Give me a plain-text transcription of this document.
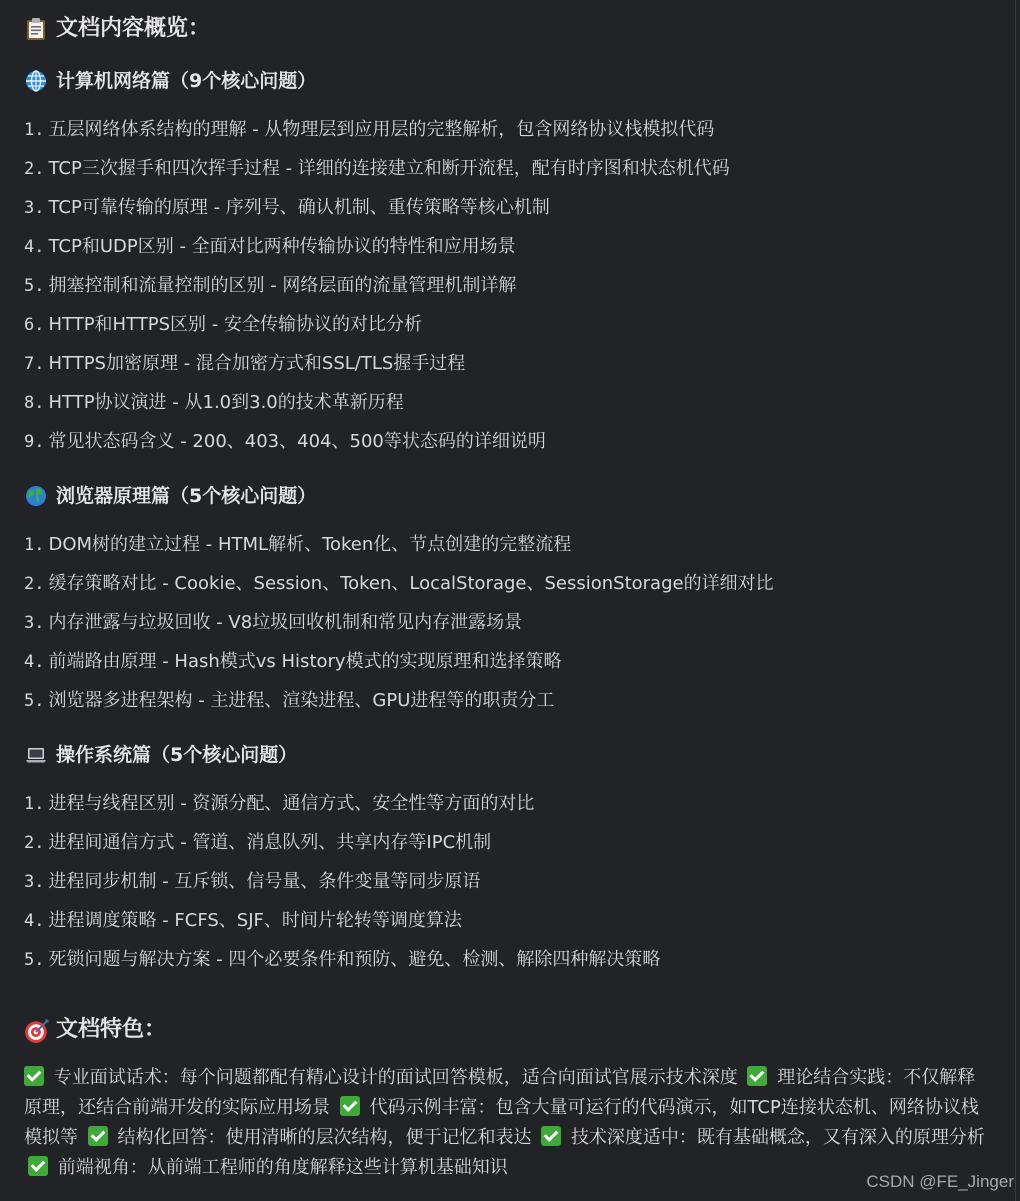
文档内容概览：
计算机网络篇（9个核心问题）
1. 五层网络体系结构的理解 - 从物理层到应用层的完整解析，包含网络协议栈模拟代码
2. TCP三次握手和四次挥手过程 - 详细的连接建立和断开流程，配有时序图和状态机代码
3. TCP可靠传输的原理 - 序列号、确认机制、重传策略等核心机制
4. TCP和UDP区别 - 全面对比两种传输协议的特性和应用场景
5. 拥塞控制和流量控制的区别 - 网络层面的流量管理机制详解
6. HTTP和HTTPS区别 - 安全传输协议的对比分析
7. HTTPS加密原理 - 混合加密方式和SSL/TLS握手过程
8. HTTP协议演进 - 从1.0到3.0的技术革新历程
9. 常见状态码含义 - 200、403、404、500等状态码的详细说明
浏览器原理篇（5个核心问题）
1. DOM树的建立过程 - HTML解析、Token化、节点创建的完整流程
2. 缓存策略对比 - Cookie、Session、Token、LocalStorage、SessionStorage的详细对比
3. 内存泄露与垃圾回收 - V8垃圾回收机制和常见内存泄露场景
4. 前端路由原理 - Hash模式vs History模式的实现原理和选择策略
5. 浏览器多进程架构 - 主进程、渲染进程、GPU进程等的职责分工
操作系统篇（5个核心问题）
1. 进程与线程区别 - 资源分配、通信方式、安全性等方面的对比
2. 进程间通信方式 - 管道、消息队列、共享内存等IPC机制
3. 进程同步机制 - 互斥锁、信号量、条件变量等同步原语
4. 进程调度策略 - FCFS、SJF、时间片轮转等调度算法
5. 死锁问题与解决方案 - 四个必要条件和预防、避免、检测、解除四种解决策略
文档特色：
专业面试话术：每个问题都配有精心设计的面试回答模板，适合向面试官展示技术深度 理论结合实践：不仅解释原理，还结合前端开发的实际应用场景 代码示例丰富：包含大量可运行的代码演示，如TCP连接状态机、网络协议栈模拟等 结构化回答：使用清晰的层次结构，便于记忆和表达 技术深度适中：既有基础概念，又有深入的原理分析  前端视角：从前端工程师的角度解释这些计算机基础知识
CSDN @FE_Jinger
